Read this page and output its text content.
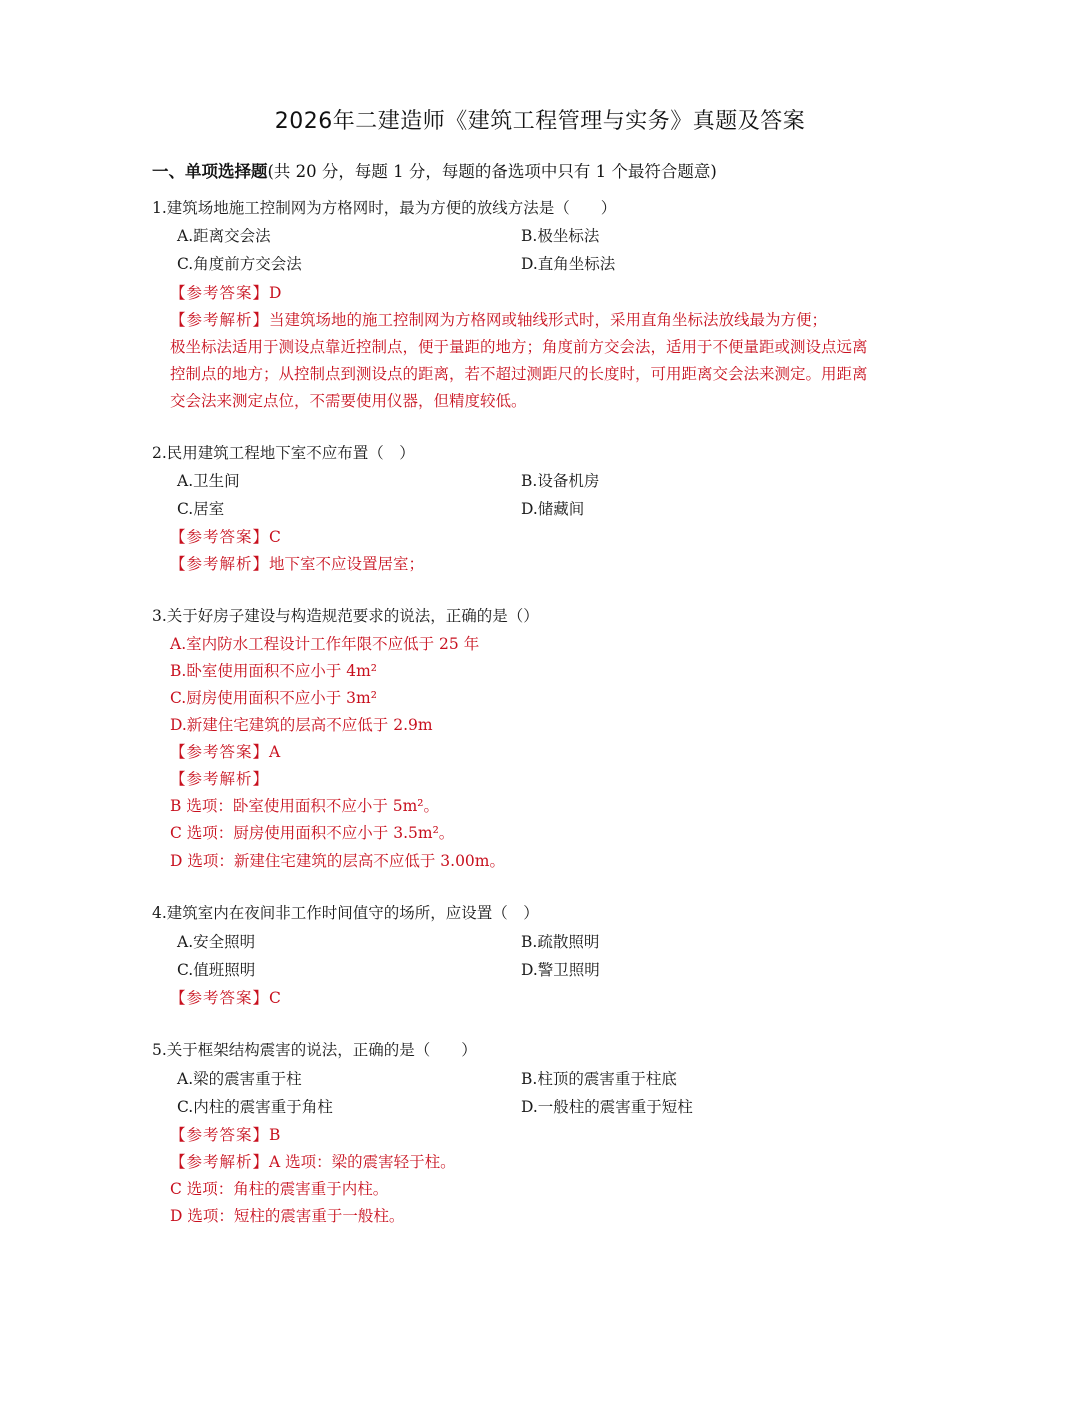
2026年二建造师《建筑工程管理与实务》真题及答案
一、单项选择题(共 20 分，每题 1 分，每题的备选项中只有 1 个最符合题意)
1.建筑场地施工控制网为方格网时，最为方便的放线方法是（　　）
A.距离交会法	B.极坐标法
C.角度前方交会法	D.直角坐标法
【参考答案】D
【参考解析】当建筑场地的施工控制网为方格网或轴线形式时，采用直角坐标法放线最为方便；
极坐标法适用于测设点靠近控制点，便于量距的地方；角度前方交会法，适用于不便量距或测设点远离
控制点的地方；从控制点到测设点的距离，若不超过测距尺的长度时，可用距离交会法来测定。用距离
交会法来测定点位，不需要使用仪器，但精度较低。
2.民用建筑工程地下室不应布置（　）
A.卫生间	B.设备机房
C.居室	D.储藏间
【参考答案】C
【参考解析】地下室不应设置居室；
3.关于好房子建设与构造规范要求的说法，正确的是（）
A.室内防水工程设计工作年限不应低于 25 年
B.卧室使用面积不应小于 4m²
C.厨房使用面积不应小于 3m²
D.新建住宅建筑的层高不应低于 2.9m
【参考答案】A
【参考解析】
B 选项：卧室使用面积不应小于 5m²。
C 选项：厨房使用面积不应小于 3.5m²。
D 选项：新建住宅建筑的层高不应低于 3.00m。
4.建筑室内在夜间非工作时间值守的场所，应设置（　）
A.安全照明	B.疏散照明
C.值班照明	D.警卫照明
【参考答案】C
5.关于框架结构震害的说法，正确的是（　　）
A.梁的震害重于柱	B.柱顶的震害重于柱底
C.内柱的震害重于角柱	D.一般柱的震害重于短柱
【参考答案】B
【参考解析】A 选项：梁的震害轻于柱。
C 选项：角柱的震害重于内柱。
D 选项：短柱的震害重于一般柱。
